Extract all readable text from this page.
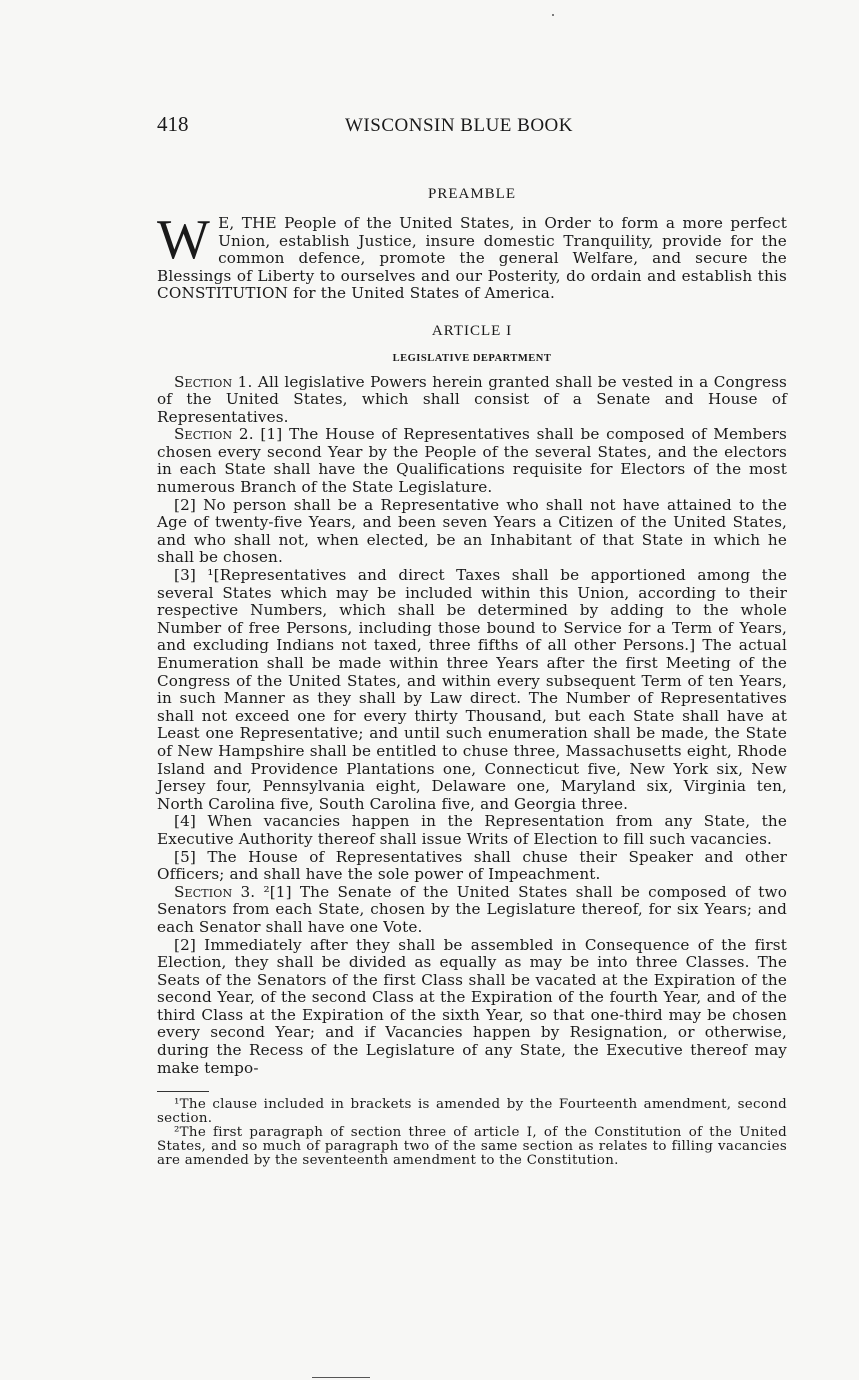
418	WISCONSIN BLUE BOOK
PREAMBLE
W E, THE People of the United States, in Order to form a more perfect Union, establish Justice, insure domestic Tranquility, provide for the common defence, promote the general Welfare, and secure the Blessings of Liberty to ourselves and our Posterity, do ordain and establish this CONSTITUTION for the United States of America.
ARTICLE I
LEGISLATIVE DEPARTMENT

Section 1. All legislative Powers herein granted shall be vested in a Congress of the United States, which shall consist of a Senate and House of Representatives.

Section 2. [1] The House of Representatives shall be composed of Members chosen every second Year by the People of the several States, and the electors in each State shall have the Qualifications requisite for Electors of the most numerous Branch of the State Legislature.

[2] No person shall be a Representative who shall not have attained to the Age of twenty-five Years, and been seven Years a Citizen of the United States, and who shall not, when elected, be an Inhabitant of that State in which he shall be chosen.

[3] ¹[Representatives and direct Taxes shall be apportioned among the several States which may be included within this Union, according to their respective Numbers, which shall be determined by adding to the whole Number of free Persons, including those bound to Service for a Term of Years, and excluding Indians not taxed, three fifths of all other Persons.] The actual Enumeration shall be made within three Years after the first Meeting of the Congress of the United States, and within every subsequent Term of ten Years, in such Manner as they shall by Law direct. The Number of Representatives shall not exceed one for every thirty Thousand, but each State shall have at Least one Representative; and until such enumeration shall be made, the State of New Hampshire shall be entitled to chuse three, Massachusetts eight, Rhode Island and Providence Plantations one, Connecticut five, New York six, New Jersey four, Pennsylvania eight, Delaware one, Maryland six, Virginia ten, North Carolina five, South Carolina five, and Georgia three.

[4] When vacancies happen in the Representation from any State, the Executive Authority thereof shall issue Writs of Election to fill such vacancies.

[5] The House of Representatives shall chuse their Speaker and other Officers; and shall have the sole power of Impeachment.

Section 3. ²[1] The Senate of the United States shall be composed of two Senators from each State, chosen by the Legislature thereof, for six Years; and each Senator shall have one Vote.

[2] Immediately after they shall be assembled in Consequence of the first Election, they shall be divided as equally as may be into three Classes. The Seats of the Senators of the first Class shall be vacated at the Expiration of the second Year, of the second Class at the Expiration of the fourth Year, and of the third Class at the Expiration of the sixth Year, so that one-third may be chosen every second Year; and if Vacancies happen by Resignation, or otherwise, during the Recess of the Legislature of any State, the Executive thereof may make tempo-

¹The clause included in brackets is amended by the Fourteenth amendment, second section.

²The first paragraph of section three of article I, of the Constitution of the United States, and so much of paragraph two of the same section as relates to filling vacancies are amended by the seventeenth amendment to the Constitution.
